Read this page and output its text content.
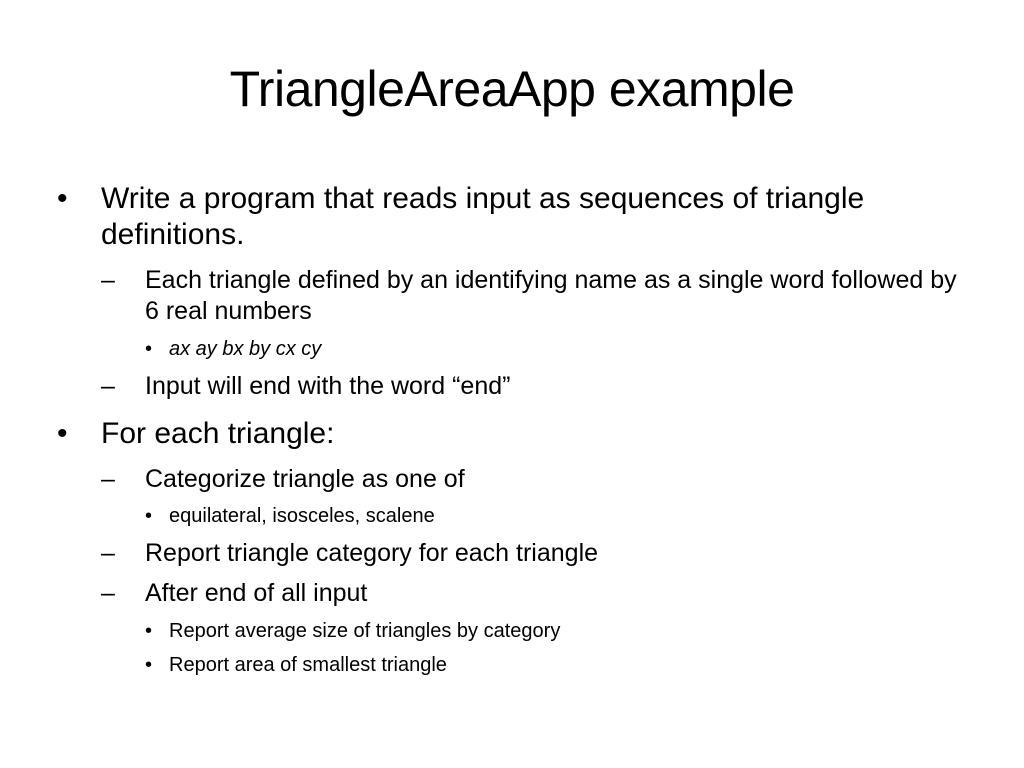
TriangleAreaApp example
• Write a program that reads input as sequences of triangle definitions.
– Each triangle defined by an identifying name as a single word followed by 6 real numbers
• ax ay bx by cx cy
– Input will end with the word “end”
• For each triangle:
– Categorize triangle as one of
• equilateral, isosceles, scalene
– Report triangle category for each triangle
– After end of all input
• Report average size of triangles by category
• Report area of smallest triangle
